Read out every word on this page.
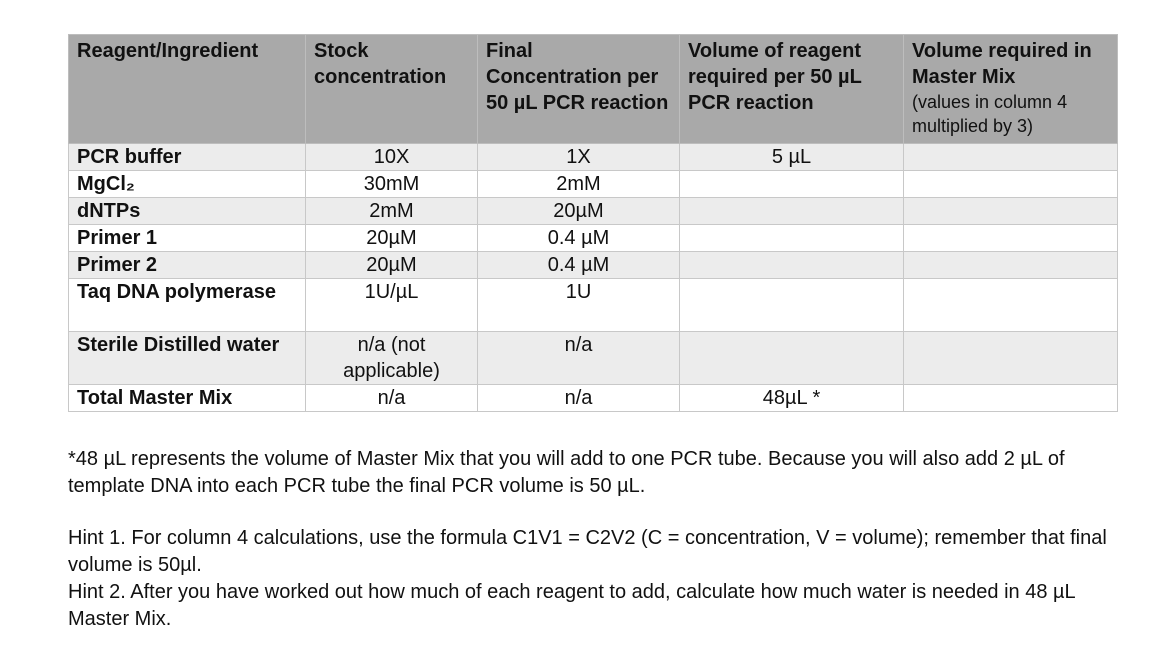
Reagent/Ingredient	Stock concentration	Final Concentration per 50 µL PCR reaction	Volume of reagent required per 50 µL PCR reaction	Volume required in Master Mix
(values in column 4 multiplied by 3)

PCR buffer	10X	1X	5 µL	
MgCl₂	30mM	2mM		
dNTPs	2mM	20µM		
Primer 1	20µM	0.4 µM		
Primer 2	20µM	0.4 µM		
Taq DNA polymerase	1U/µL	1U		
Sterile Distilled water	n/a (not applicable)	n/a		
Total Master Mix	n/a	n/a	48µL *	

*48 µL represents the volume of Master Mix that you will add to one PCR tube. Because you will also add 2 µL of template DNA into each PCR tube the final PCR volume is 50 µL.

Hint 1. For column 4 calculations, use the formula C1V1 = C2V2 (C = concentration, V = volume); remember that final volume is 50µl.

Hint 2. After you have worked out how much of each reagent to add, calculate how much water is needed in 48 µL Master Mix.
